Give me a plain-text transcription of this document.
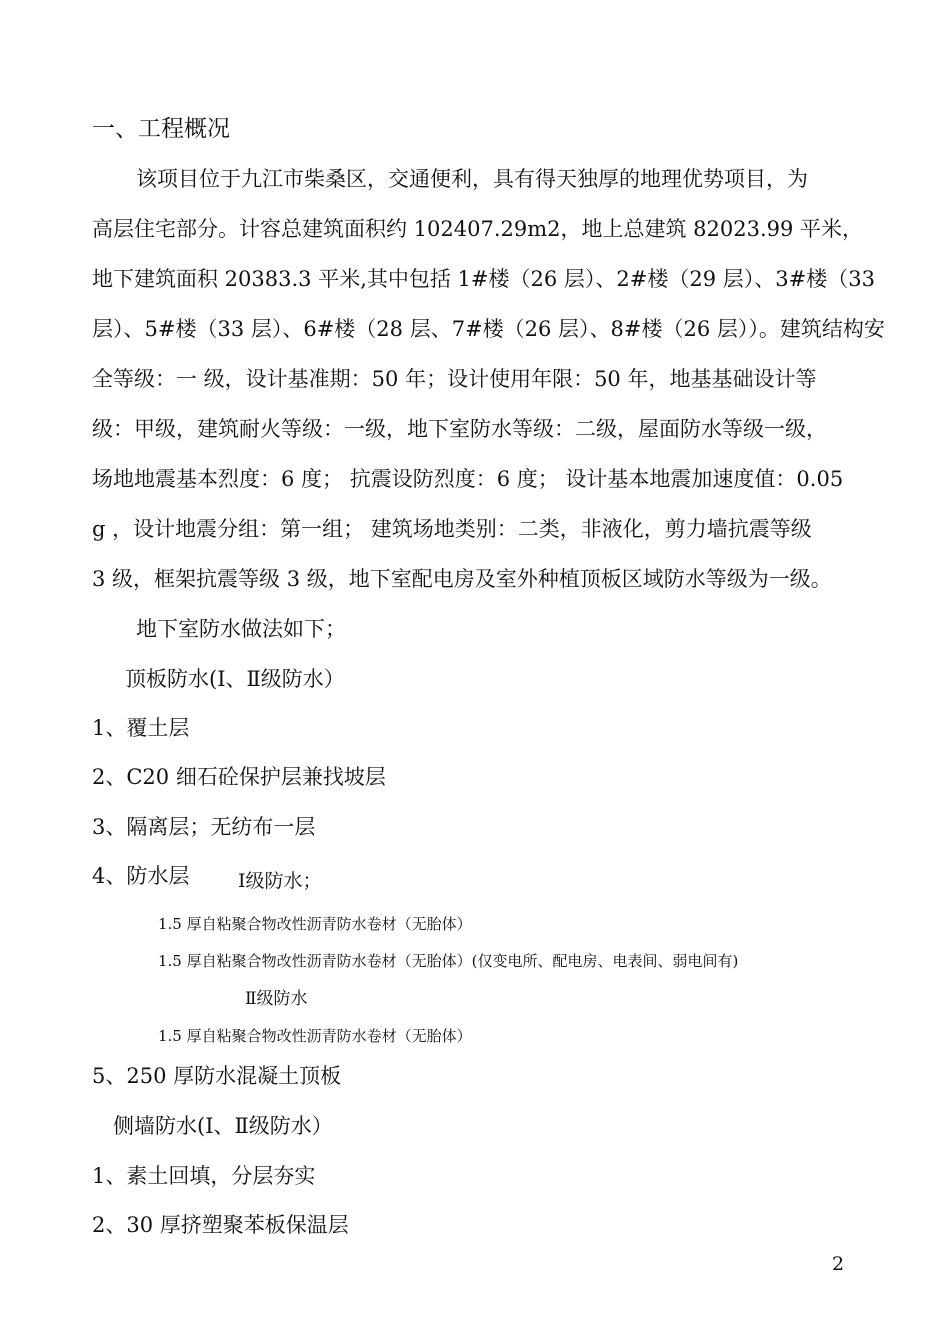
一、工程概况
该项目位于九江市柴桑区，交通便利，具有得天独厚的地理优势项目，为
高层住宅部分。计容总建筑面积约 102407.29m2，地上总建筑 82023.99 平米，
地下建筑面积 20383.3 平米,其中包括 1#楼（26 层）、2#楼（29 层）、3#楼（33
层）、5#楼（33 层）、6#楼（28 层、7#楼（26 层）、8#楼（26 层））。建筑结构安
全等级：一 级，设计基准期：50 年；设计使用年限：50 年，地基基础设计等
级：甲级，建筑耐火等级：一级，地下室防水等级：二级，屋面防水等级一级，
场地地震基本烈度：6 度； 抗震设防烈度：6 度； 设计基本地震加速度值：0.05
g ，设计地震分组：第一组； 建筑场地类别：二类，非液化，剪力墙抗震等级
3 级，框架抗震等级 3 级，地下室配电房及室外种植顶板区域防水等级为一级。
地下室防水做法如下；
顶板防水(Ⅰ、Ⅱ级防水）
1、覆土层
2、C20 细石砼保护层兼找坡层
3、隔离层；无纺布一层
4、防水层	Ⅰ级防水；
1.5 厚自粘聚合物改性沥青防水卷材（无胎体）
1.5 厚自粘聚合物改性沥青防水卷材（无胎体）(仅变电所、配电房、电表间、弱电间有)
Ⅱ级防水
1.5 厚自粘聚合物改性沥青防水卷材（无胎体）
5、250 厚防水混凝土顶板
侧墙防水(Ⅰ、Ⅱ级防水）
1、素土回填，分层夯实
2、30 厚挤塑聚苯板保温层
2
